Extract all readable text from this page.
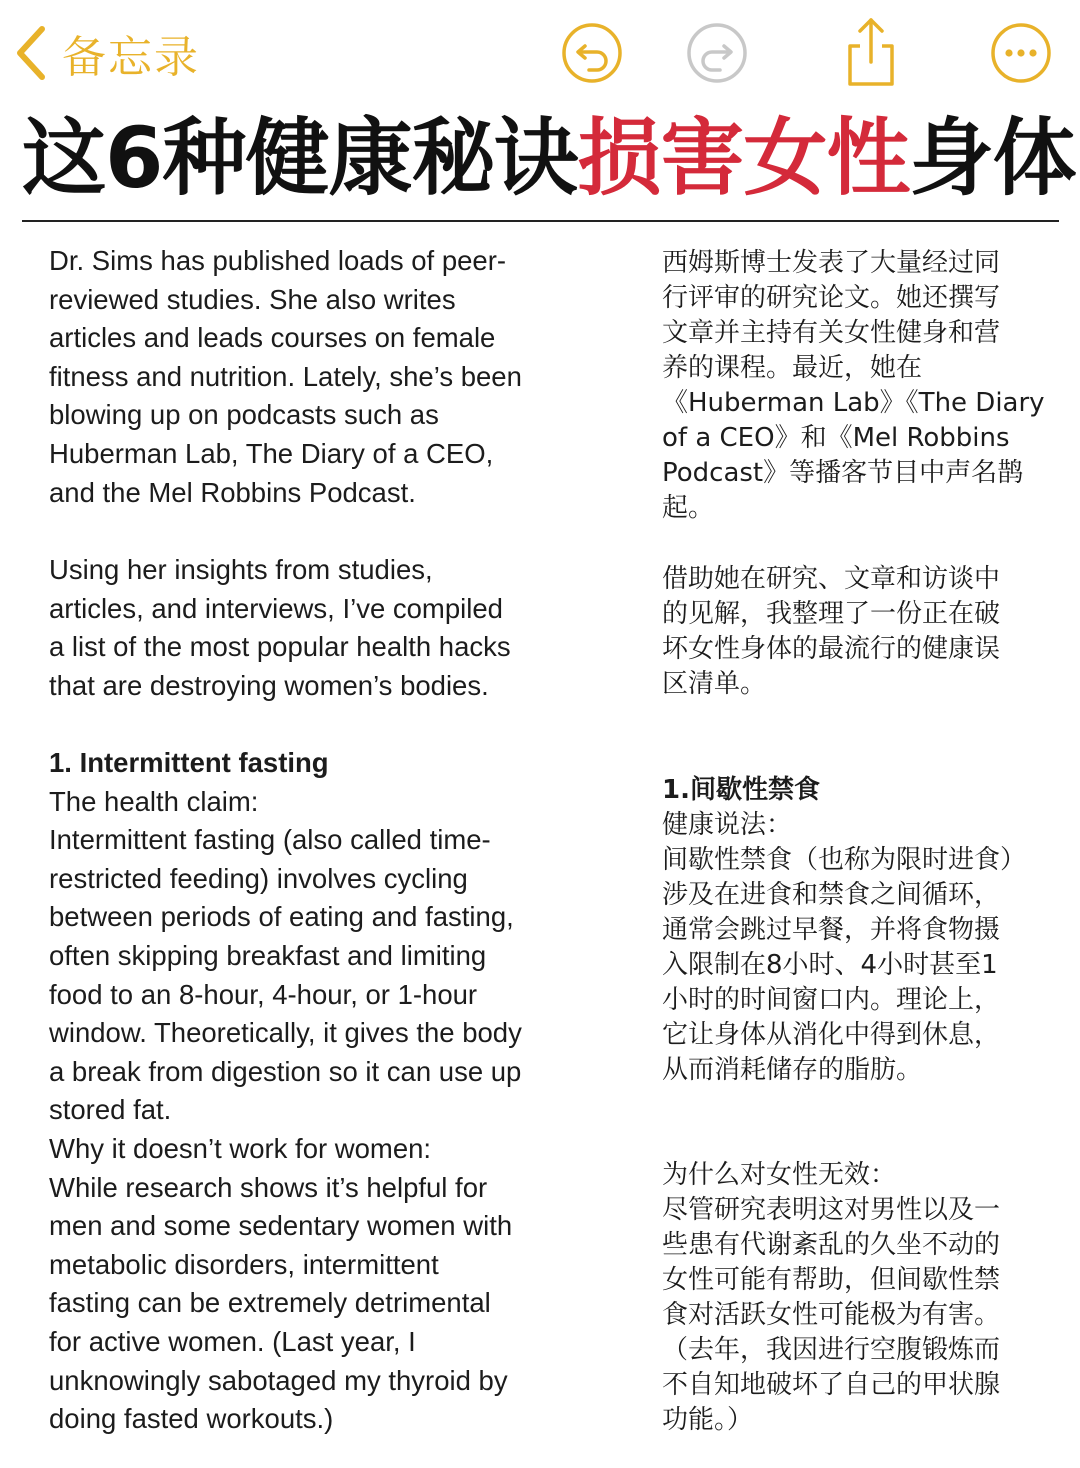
备忘录
这6种健康秘诀损害女性身体
Dr. Sims has published loads of peer-
reviewed studies. She also writes
articles and leads courses on female
fitness and nutrition. Lately, she’s been
blowing up on podcasts such as
Huberman Lab, The Diary of a CEO,
and the Mel Robbins Podcast.
Using her insights from studies,
articles, and interviews, I’ve compiled
a list of the most popular health hacks
that are destroying women’s bodies.
1. Intermittent fasting
The health claim:
Intermittent fasting (also called time-
restricted feeding) involves cycling
between periods of eating and fasting,
often skipping breakfast and limiting
food to an 8-hour, 4-hour, or 1-hour
window. Theoretically, it gives the body
a break from digestion so it can use up
stored fat.
Why it doesn’t work for women:
While research shows it’s helpful for
men and some sedentary women with
metabolic disorders, intermittent
fasting can be extremely detrimental
for active women. (Last year, I
unknowingly sabotaged my thyroid by
doing fasted workouts.)
西姆斯博士发表了大量经过同
行评审的研究论文。她还撰写
文章并主持有关女性健身和营
养的课程。最近，她在
《Huberman Lab》《The Diary
of a CEO》和《Mel Robbins
Podcast》等播客节目中声名鹊
起。
借助她在研究、文章和访谈中
的见解，我整理了一份正在破
坏女性身体的最流行的健康误
区清单。
1.间歇性禁食
健康说法：
间歇性禁食（也称为限时进食）
涉及在进食和禁食之间循环，
通常会跳过早餐，并将食物摄
入限制在8小时、4小时甚至1
小时的时间窗口内。理论上，
它让身体从消化中得到休息，
从而消耗储存的脂肪。
为什么对女性无效：
尽管研究表明这对男性以及一
些患有代谢紊乱的久坐不动的
女性可能有帮助，但间歇性禁
食对活跃女性可能极为有害。
（去年，我因进行空腹锻炼而
不自知地破坏了自己的甲状腺
功能。）
